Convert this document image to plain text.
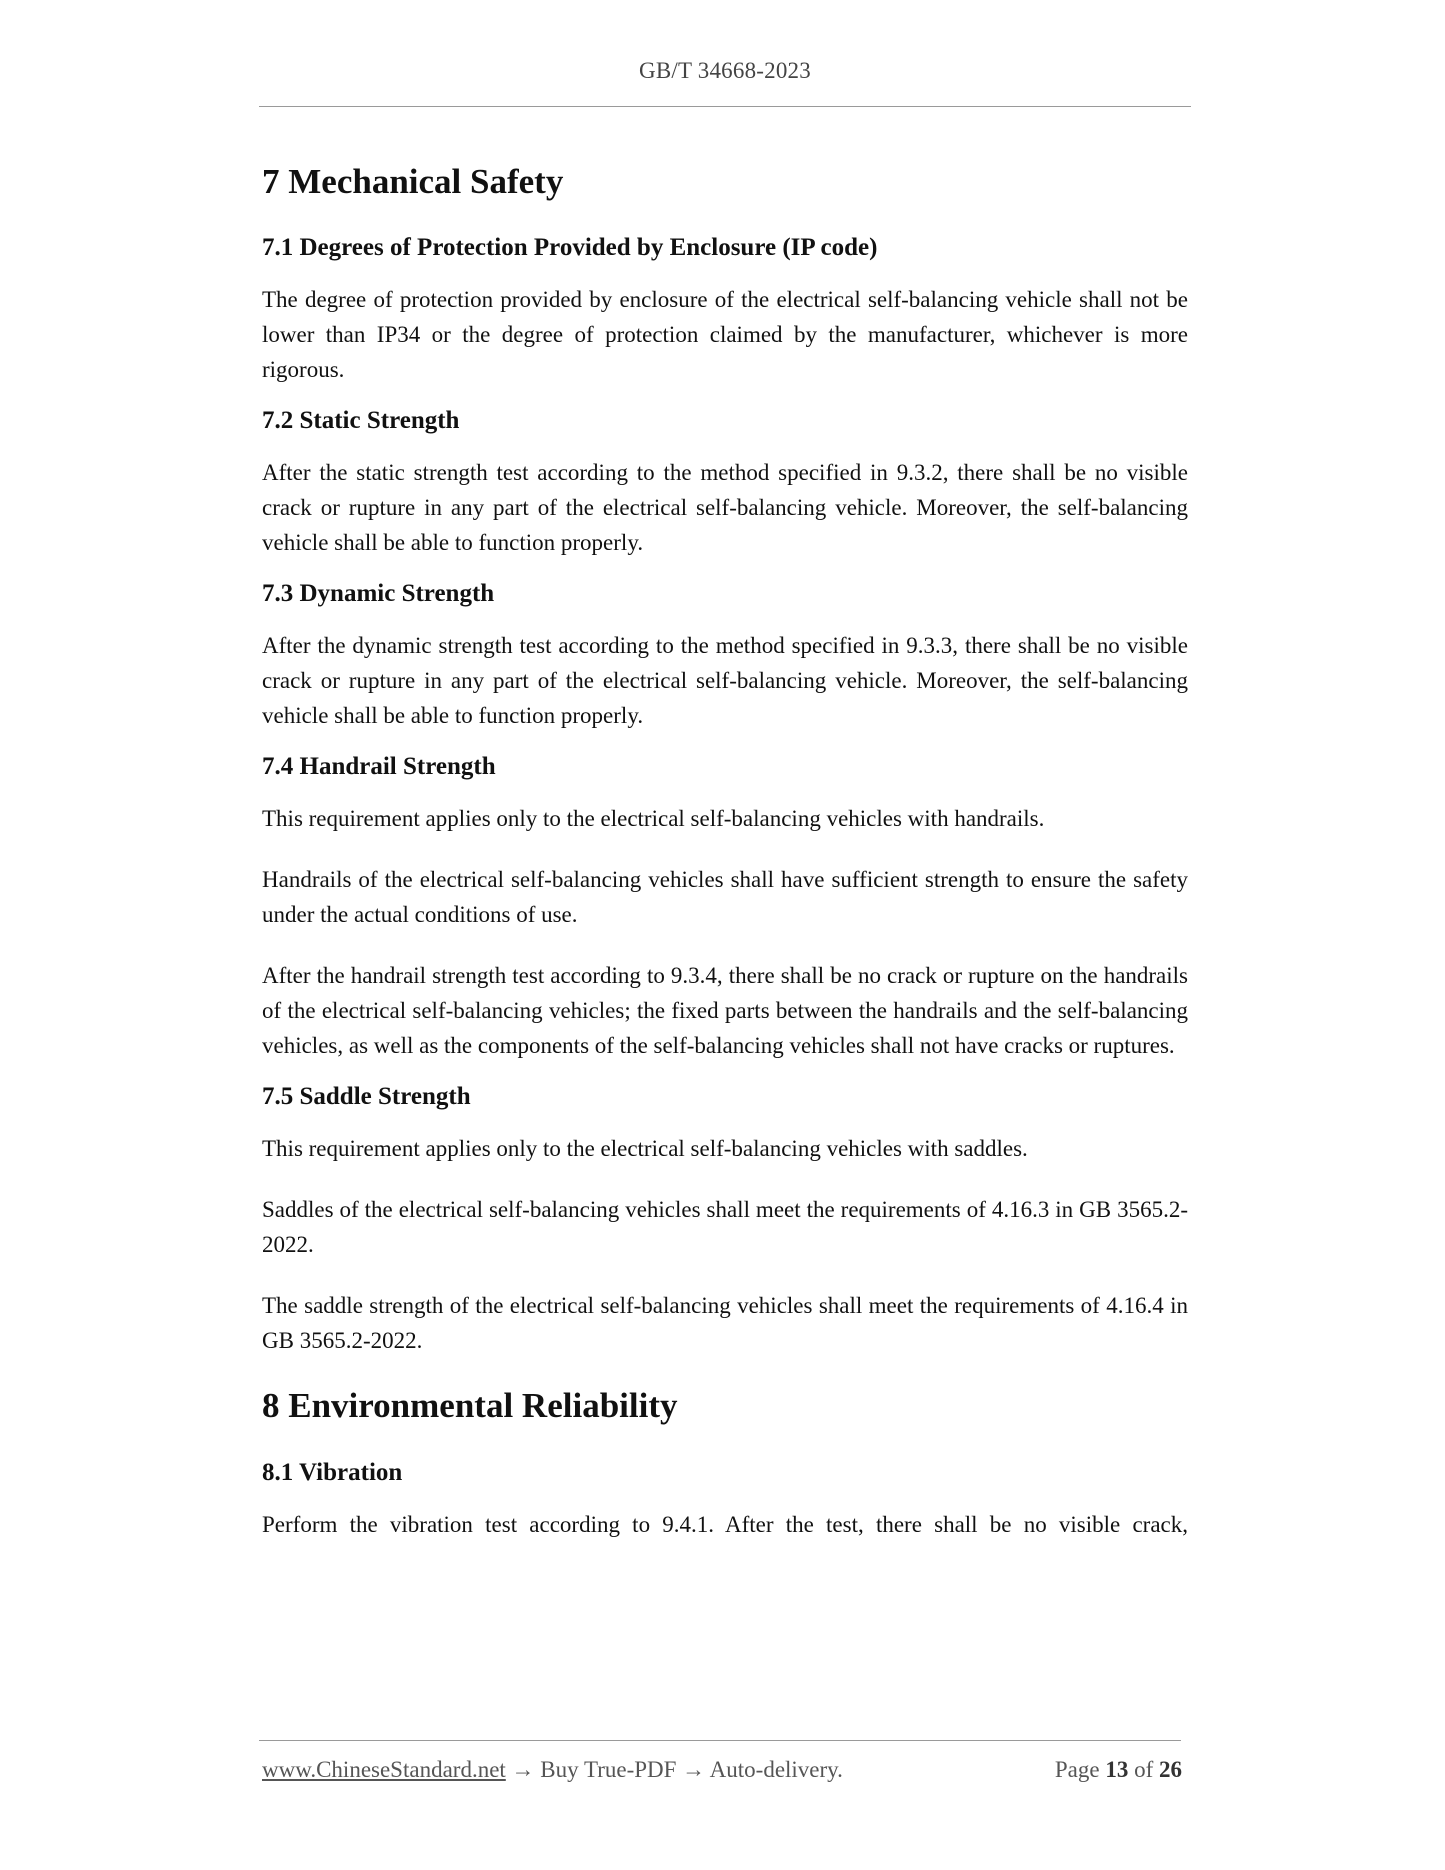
GB/T 34668-2023
7 Mechanical Safety
7.1 Degrees of Protection Provided by Enclosure (IP code)

The degree of protection provided by enclosure of the electrical self-balancing vehicle shall not be lower than IP34 or the degree of protection claimed by the manufacturer, whichever is more rigorous.

7.2 Static Strength

After the static strength test according to the method specified in 9.3.2, there shall be no visible crack or rupture in any part of the electrical self-balancing vehicle. Moreover, the self-balancing vehicle shall be able to function properly.

7.3 Dynamic Strength

After the dynamic strength test according to the method specified in 9.3.3, there shall be no visible crack or rupture in any part of the electrical self-balancing vehicle. Moreover, the self-balancing vehicle shall be able to function properly.

7.4 Handrail Strength

This requirement applies only to the electrical self-balancing vehicles with handrails.

Handrails of the electrical self-balancing vehicles shall have sufficient strength to ensure the safety under the actual conditions of use.

After the handrail strength test according to 9.3.4, there shall be no crack or rupture on the handrails of the electrical self-balancing vehicles; the fixed parts between the handrails and the self-balancing vehicles, as well as the components of the self-balancing vehicles shall not have cracks or ruptures.

7.5 Saddle Strength

This requirement applies only to the electrical self-balancing vehicles with saddles.

Saddles of the electrical self-balancing vehicles shall meet the requirements of 4.16.3 in GB 3565.2-2022.

The saddle strength of the electrical self-balancing vehicles shall meet the requirements of 4.16.4 in GB 3565.2-2022.

8 Environmental Reliability
8.1 Vibration

Perform the vibration test according to 9.4.1. After the test, there shall be no visible crack,

www.ChineseStandard.net → Buy True-PDF → Auto-delivery.	Page 13 of 26
